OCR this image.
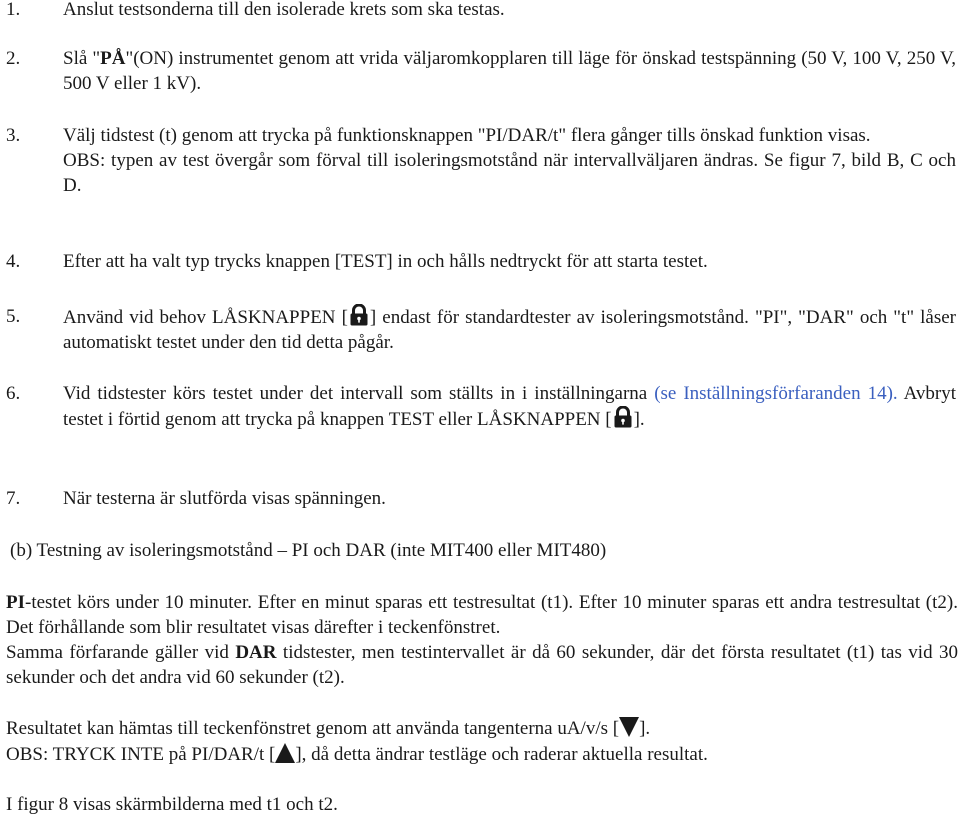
1. Anslut testsonderna till den isolerade krets som ska testas.
2. Slå "PÅ"(ON) instrumentet genom att vrida väljaromkopplaren till läge för önskad testspänning (50 V, 100 V, 250 V, 500 V eller 1 kV).
3. Välj tidstest (t) genom att trycka på funktionsknappen "PI/DAR/t" flera gånger tills önskad funktion visas.
OBS: typen av test övergår som förval till isoleringsmotstånd när intervallväljaren ändras. Se figur 7, bild B, C och D.
4. Efter att ha valt typ trycks knappen [TEST] in och hålls nedtryckt för att starta testet.
5. Använd vid behov LÅSKNAPPEN [ ] endast för standardtester av isoleringsmotstånd. "PI", "DAR" och "t" låser automatiskt testet under den tid detta pågår.
6. Vid tidstester körs testet under det intervall som ställts in i inställningarna (se Inställningsförfaranden 14). Avbryt testet i förtid genom att trycka på knappen TEST eller LÅSKNAPPEN [ ].
7. När testerna är slutförda visas spänningen.
(b) Testning av isoleringsmotstånd – PI och DAR (inte MIT400 eller MIT480)
PI-testet körs under 10 minuter. Efter en minut sparas ett testresultat (t1). Efter 10 minuter sparas ett andra testresultat (t2). Det förhållande som blir resultatet visas därefter i teckenfönstret.
Samma förfarande gäller vid DAR tidstester, men testintervallet är då 60 sekunder, där det första resultatet (t1) tas vid 30 sekunder och det andra vid 60 sekunder (t2).
Resultatet kan hämtas till teckenfönstret genom att använda tangenterna uA/v/s [ ].
OBS: TRYCK INTE på PI/DAR/t [ ], då detta ändrar testläge och raderar aktuella resultat.
I figur 8 visas skärmbilderna med t1 och t2.
